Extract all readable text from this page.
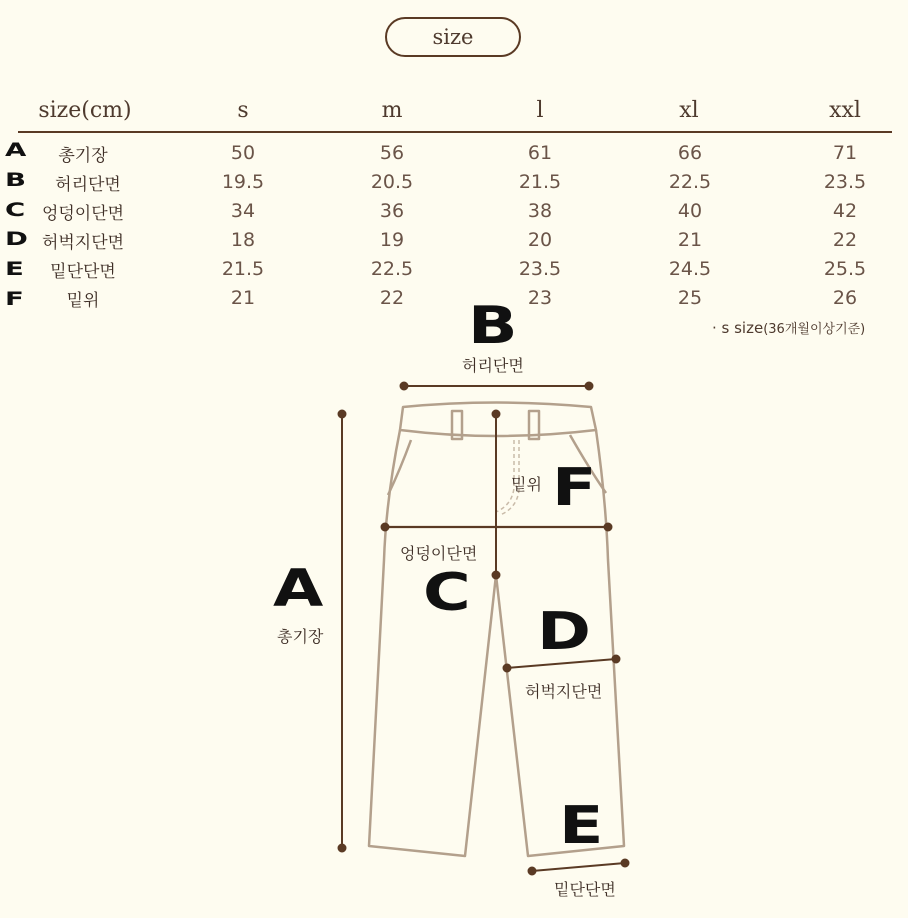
size
size(cm)	s	m	l	xl	xxl
A	총기장	50	56	61	66	71
B	허리단면	19.5	20.5	21.5	22.5	23.5
C 엉덩이단면	34	36	38	40	42
D 허벅지단면	18	19	20	21	22
E	밑단단면	21.5	22.5	23.5	24.5	25.5
F	밑위	21	22	23	25	26
· s size(36개월이상기준)
B
허리단면
A
총기장
F
밑위
엉덩이단면
C
D
허벅지단면
E
밑단단면
